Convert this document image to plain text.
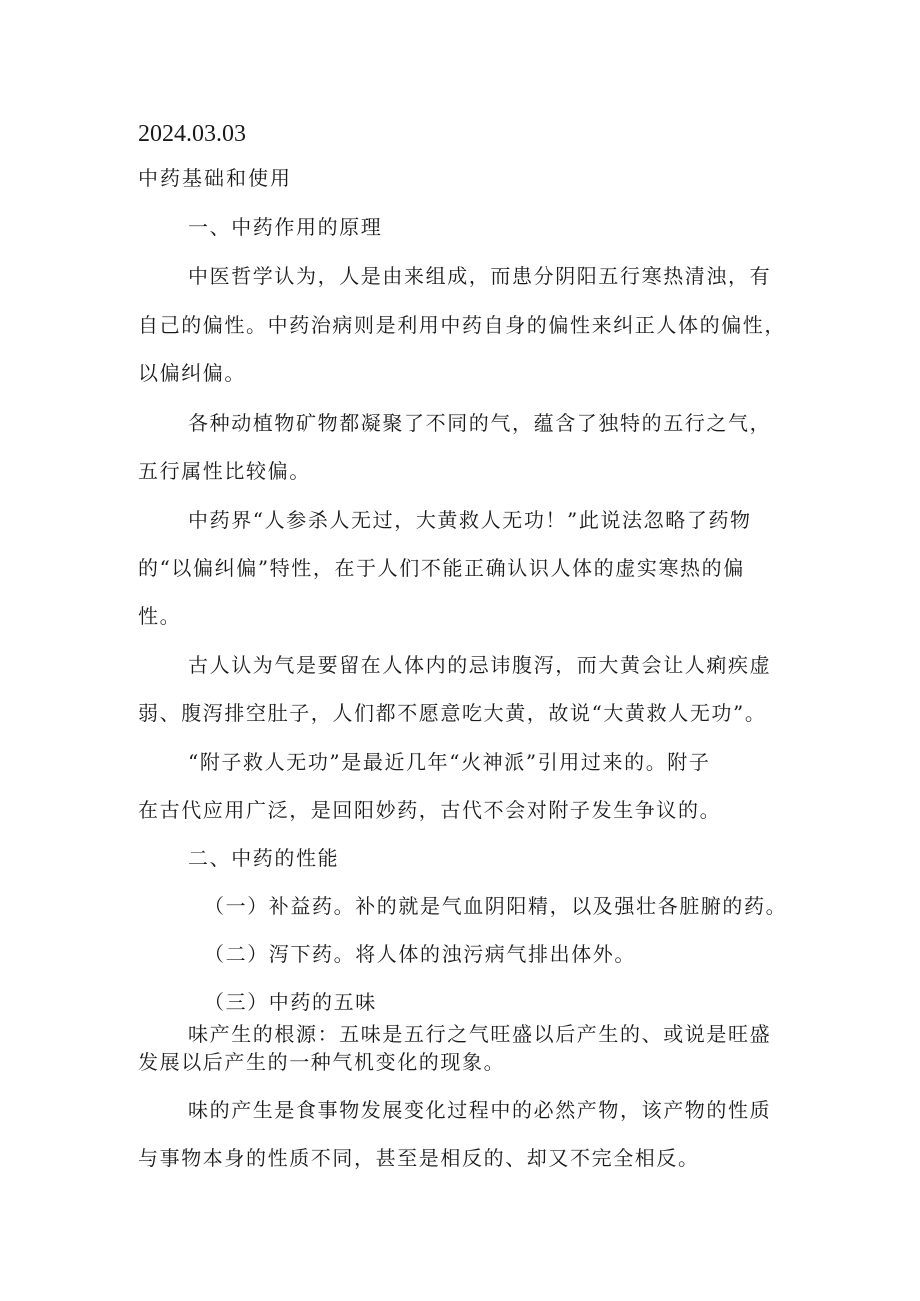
2024.03.03
中药基础和使用
一、中药作用的原理
中医哲学认为，人是由来组成，而患分阴阳五行寒热清浊，有
自己的偏性。中药治病则是利用中药自身的偏性来纠正人体的偏性，
以偏纠偏。
各种动植物矿物都凝聚了不同的气，蕴含了独特的五行之气，
五行属性比较偏。
中药界“人参杀人无过，大黄救人无功！”此说法忽略了药物
的“以偏纠偏”特性，在于人们不能正确认识人体的虚实寒热的偏
性。
古人认为气是要留在人体内的忌讳腹泻，而大黄会让人痢疾虚
弱、腹泻排空肚子，人们都不愿意吃大黄，故说“大黄救人无功”。
“附子救人无功”是最近几年“火神派”引用过来的。附子
在古代应用广泛，是回阳妙药，古代不会对附子发生争议的。
二、中药的性能
（一）补益药。补的就是气血阴阳精，以及强壮各脏腑的药。
（二）泻下药。将人体的浊污病气排出体外。
（三）中药的五味
味产生的根源：五味是五行之气旺盛以后产生的、或说是旺盛
发展以后产生的一种气机变化的现象。
味的产生是食事物发展变化过程中的必然产物，该产物的性质
与事物本身的性质不同，甚至是相反的、却又不完全相反。
